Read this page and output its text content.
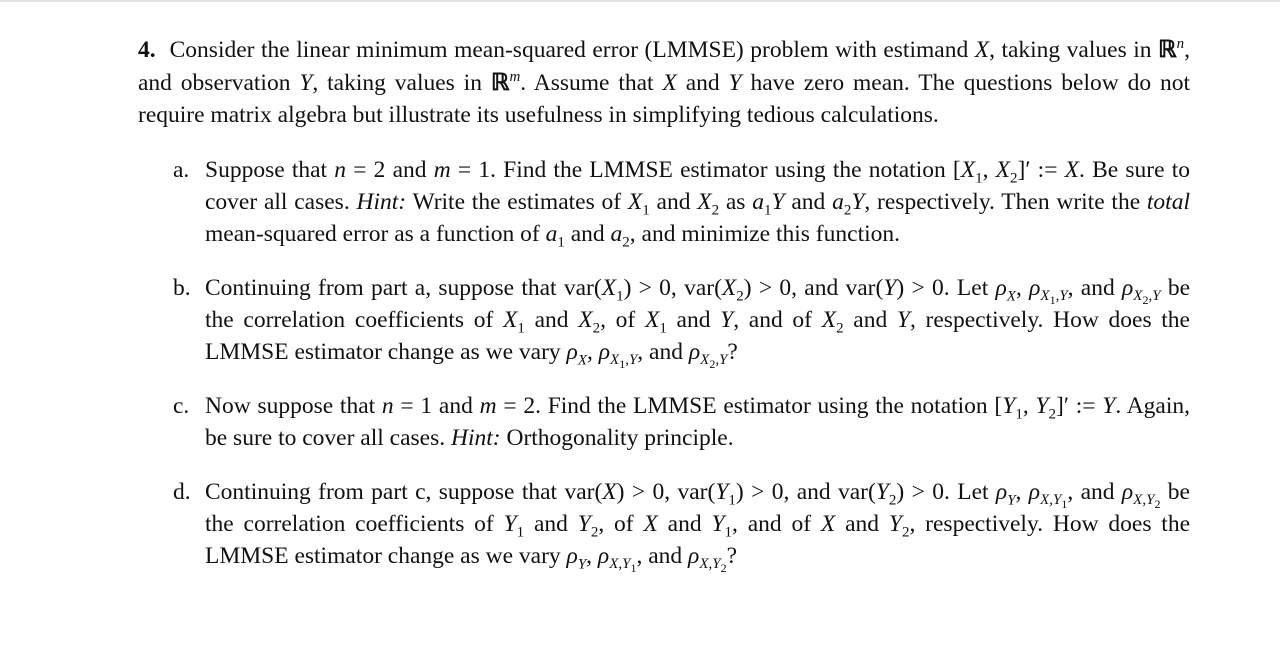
4. Consider the linear minimum mean-squared error (LMMSE) problem with estimand X, taking values in ℝ$^n$, and observation Y, taking values in ℝ$^m$. Assume that X and Y have zero mean. The questions below do not require matrix algebra but illustrate its usefulness in simplifying tedious calculations.

a. Suppose that n = 2 and m = 1. Find the LMMSE estimator using the notation [$X_1$, $X_2]'$ := X. Be sure to cover all cases. Hint: Write the estimates of $X_1$ and $X_2$ as $a_1Y$ and $a_2Y$, respectively. Then write the total mean-squared error as a function of $a_1$ and $a_2$, and minimize this function.
b. Continuing from part a, suppose that $var(X_1) > 0$, $var(X_2) > 0$, and var(Y) > 0. Let $\rho_X$, $\rho_{X_1,Y}$, and $\rho_{X_2,Y}$ be the correlation coefficients of $X_1$ and $X_2$, of $X_1$ and Y, and of $X_2$ and Y, respectively. How does the LMMSE estimator change as we vary $\rho_X$, $\rho_{X_1,Y}$, and $\rho_{X_2,Y}$?
c. Now suppose that n = 1 and m = 2. Find the LMMSE estimator using the notation [$Y_1$, $Y_2]'$ := Y. Again, be sure to cover all cases. Hint: Orthogonality principle.
d. Continuing from part c, suppose that var(X) > 0, $var(Y_1) > 0$, and $var(Y_2) > 0$. Let $\rho_Y$, $\rho_{X,Y_1}$, and $\rho_{X,Y_2}$ be the correlation coefficients of $Y_1$ and $Y_2$, of X and $Y_1$, and of X and $Y_2$, respectively. How does the LMMSE estimator change as we vary $\rho_Y$, $\rho_{X,Y_1}$, and $\rho_{X,Y_2}$?
